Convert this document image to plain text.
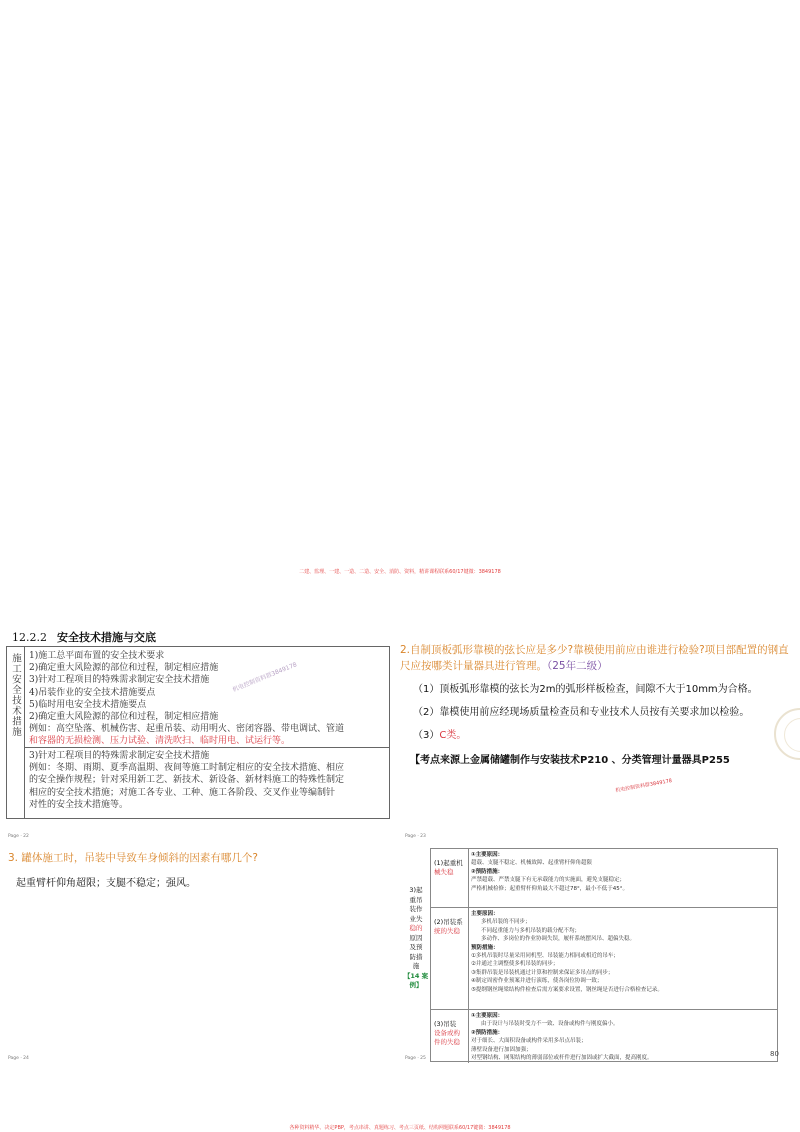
二建、监理、一建、一造、二造、安全、消防、资料，精讲课程联系60/17键微：3849178
12.2.2 安全技术措施与交底
施工安全技术措施 1)施工总平面布置的安全技术要求
2)确定重大风险源的部位和过程，制定相应措施
3)针对工程项目的特殊需求制定安全技术措施
4)吊装作业的安全技术措施要点
5)临时用电安全技术措施要点
2)确定重大风险源的部位和过程，制定相应措施
例如：高空坠落、机械伤害、起重吊装、动用明火、密闭容器、带电调试、管道
和容器的无损检测、压力试验、清洗吹扫、临时用电、试运行等。
3)针对工程项目的特殊需求制定安全技术措施
例如：冬期、雨期、夏季高温期、夜间等施工时制定相应的安全技术措施、相应
的安全操作规程；针对采用新工艺、新技术、新设备、新材料施工的特殊性制定
相应的安全技术措施；对施工各专业、工种、施工各阶段、交叉作业等编制针
对性的安全技术措施等。
机电控制资料群3849178
Page · 22	Page · 23
Page · 24	Page · 25
2.自制顶板弧形靠模的弦长应是多少?靠模使用前应由谁进行检验?项目部配置的钢直尺应按哪类计量器具进行管理。（25年二级）
（1）顶板弧形靠模的弦长为2m的弧形样板检查，间隙不大于10mm为合格。
（2）靠模使用前应经现场质量检查员和专业技术人员按有关要求加以检验。
（3）C类。
【考点来源上金属储罐制作与安装技术P210 、分类管理计量器具P255
机电控制资料群3849178
3. 罐体施工时，吊装中导致车身倾斜的因素有哪几个?
起重臂杆仰角超限；支腿不稳定；强风。
3)起
重吊
装作
业失
稳的
原因
及预
防措
施
【14 案例】
(1)起重机
械失稳
①主要原因：
超载、支腿不稳定、机械故障、起重臂杆仰角超限
②预防措施：
严禁超载、严禁支腿下有无承载能力的实施面，避免支腿稳定；
严格机械检修；起重臂杆仰角最大不超过78°，最小不低于45°。
(2)吊装系
统的失稳
主要原因：
多机吊装的不同步；
不同起重能力与多机吊装的载分配不均；
多动作、多岗位的作业协调失误，履杆系统摆风吊、超偏失稳。
预防措施：
①多机吊装时尽量采用同机型、吊装能力相同或相近的吊车；
②并通过主调整使多机吊装的同步；
③集群吊装是吊装机通过计算和控制来保证多吊点的同步；
④制定周密作业预案并进行演练，使各岗位协调一致；
⑤提纲钢丝绳梁结构件检查后需方案要求设置，钢丝绳是否进行合格检查记录。
(3)吊装
设备或构件的失稳
①主要原因：
由于设计与吊装时受力不一致、设备或构件与刚度偏小。
②预防措施：
对于细长、大面积设备或构件采用多吊点吊装；
薄壁设备进行加固加强；
对型钢结构、网架结构的薄弱部位或杆件进行加固或扩大截面，提高刚度。
80
各种资料精华、决定PBP，考点串讲、真题练习、考点三页纸、结构网题联系60/17键微：3849178
